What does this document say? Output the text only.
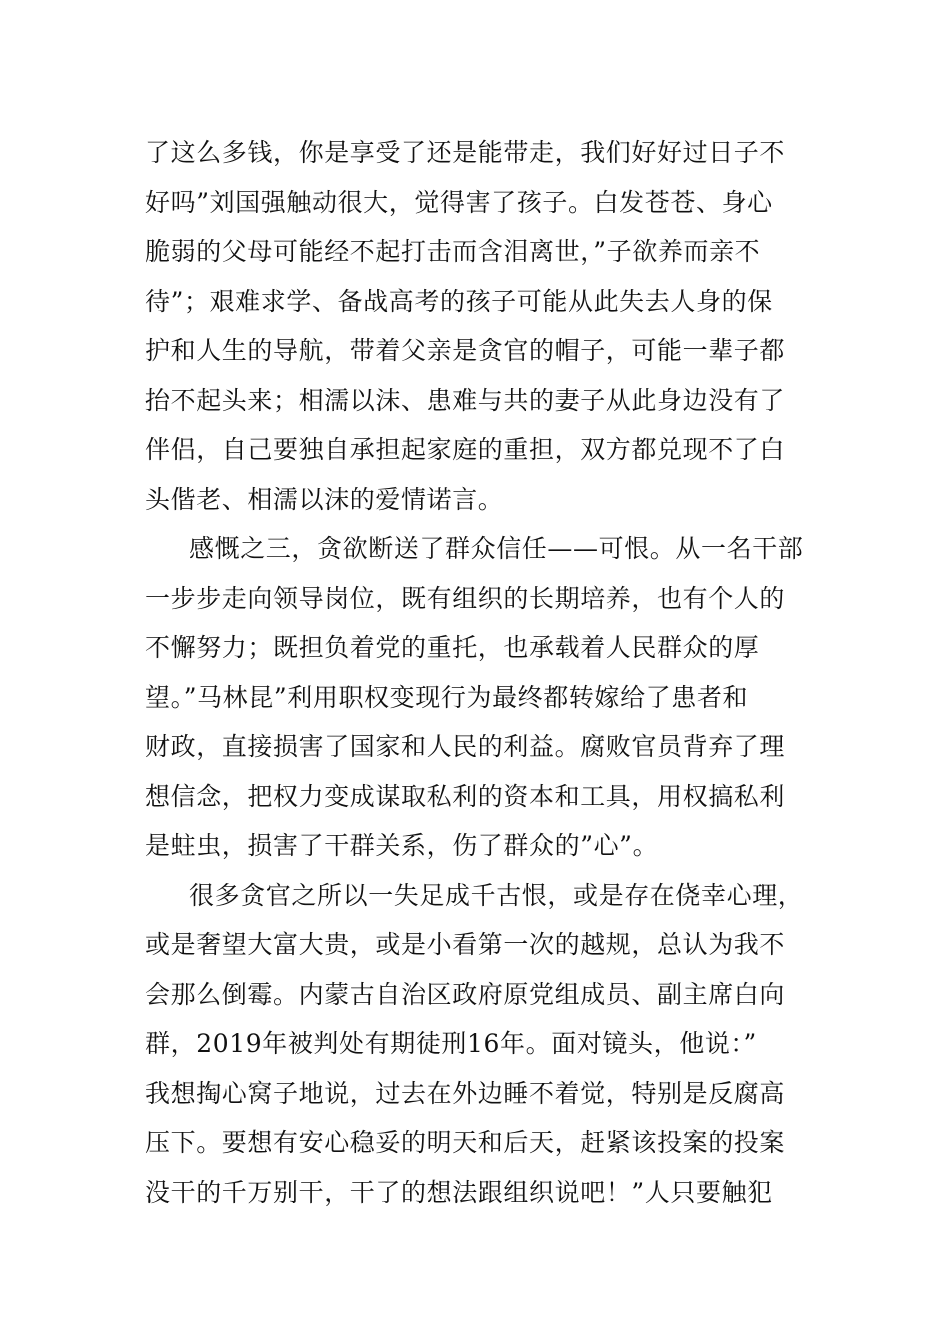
了这么多钱，你是享受了还是能带走，我们好好过日子不
好吗”刘国强触动很大，觉得害了孩子。白发苍苍、身心
脆弱的父母可能经不起打击而含泪离世，”子欲养而亲不
待”；艰难求学、备战高考的孩子可能从此失去人身的保
护和人生的导航，带着父亲是贪官的帽子，可能一辈子都
抬不起头来；相濡以沫、患难与共的妻子从此身边没有了
伴侣，自己要独自承担起家庭的重担，双方都兑现不了白
头偕老、相濡以沫的爱情诺言。
感慨之三，贪欲断送了群众信任——可恨。从一名干部
一步步走向领导岗位，既有组织的长期培养，也有个人的
不懈努力；既担负着党的重托，也承载着人民群众的厚
望。”马林昆”利用职权变现行为最终都转嫁给了患者和
财政，直接损害了国家和人民的利益。腐败官员背弃了理
想信念，把权力变成谋取私利的资本和工具，用权搞私利
是蛀虫，损害了干群关系，伤了群众的”心”。
很多贪官之所以一失足成千古恨，或是存在侥幸心理，
或是奢望大富大贵，或是小看第一次的越规，总认为我不
会那么倒霉。内蒙古自治区政府原党组成员、副主席白向
群，2019年被判处有期徒刑16年。面对镜头，他说：”
我想掏心窝子地说，过去在外边睡不着觉，特别是反腐高
压下。要想有安心稳妥的明天和后天，赶紧该投案的投案
没干的千万别干，干了的想法跟组织说吧！”人只要触犯
